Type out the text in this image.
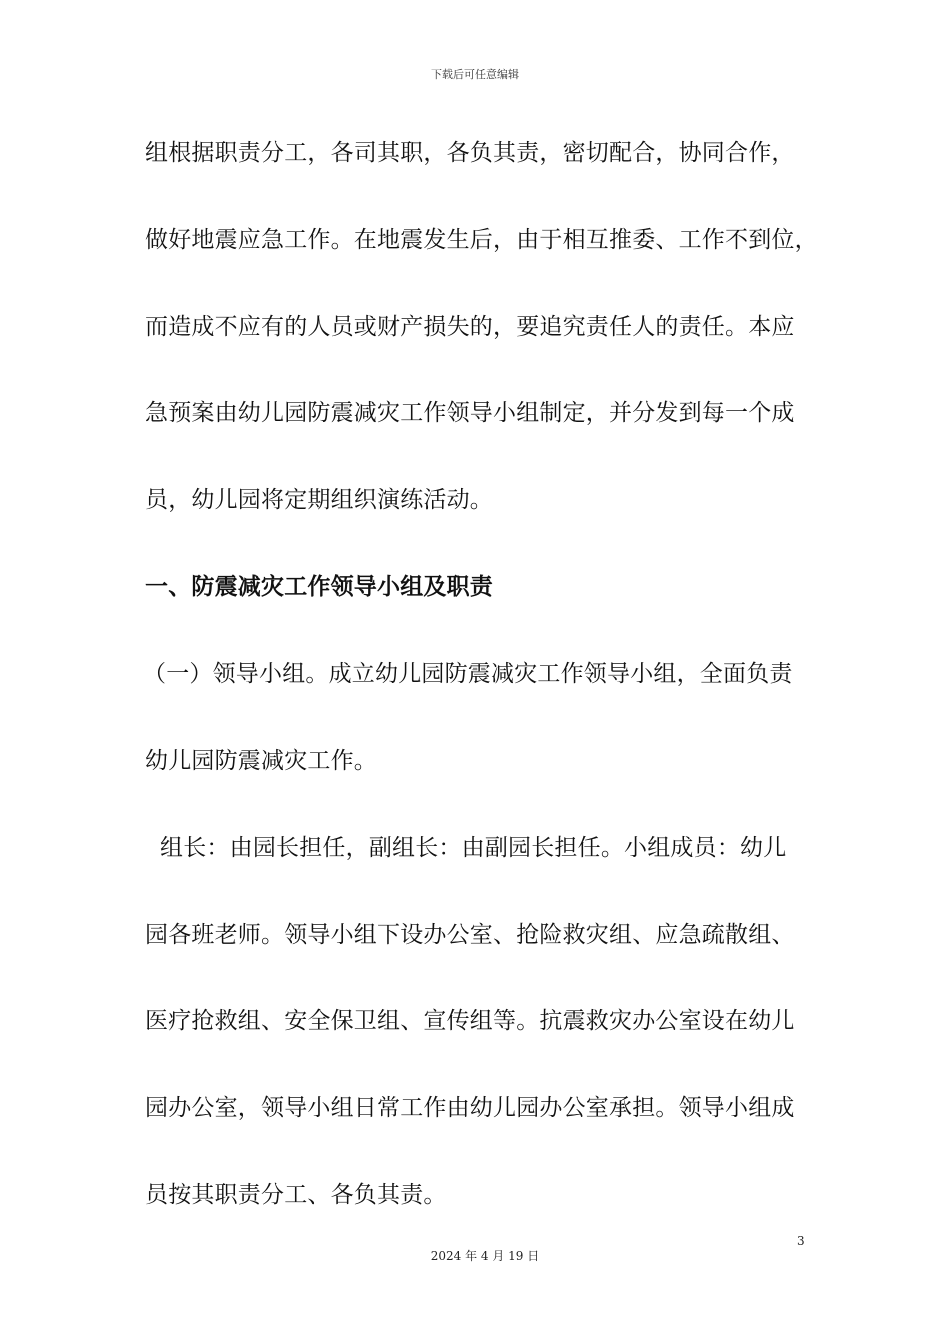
下载后可任意编辑
组根据职责分工，各司其职，各负其责，密切配合，协同合作，
做好地震应急工作。在地震发生后，由于相互推委、工作不到位，
而造成不应有的人员或财产损失的，要追究责任人的责任。本应
急预案由幼儿园防震减灾工作领导小组制定，并分发到每一个成
员，幼儿园将定期组织演练活动。
一、防震减灾工作领导小组及职责
（一）领导小组。成立幼儿园防震减灾工作领导小组，全面负责
幼儿园防震减灾工作。
组长：由园长担任，副组长：由副园长担任。小组成员：幼儿
园各班老师。领导小组下设办公室、抢险救灾组、应急疏散组、
医疗抢救组、安全保卫组、宣传组等。抗震救灾办公室设在幼儿
园办公室，领导小组日常工作由幼儿园办公室承担。领导小组成
员按其职责分工、各负其责。
3
2024 年 4 月 19 日
